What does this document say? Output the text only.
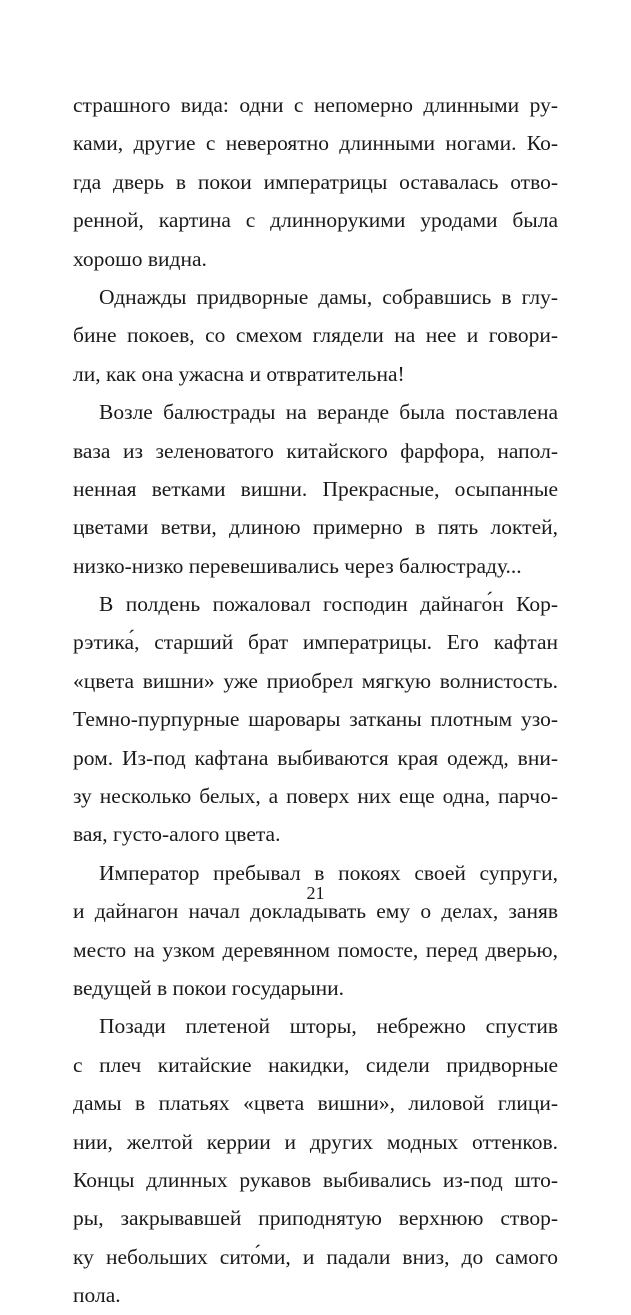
страшного вида: одни с непомерно длинными ру-
ками, другие с невероятно длинными ногами. Ко-
гда дверь в покои императрицы оставалась отво-
ренной, картина с длиннорукими уродами была
хорошо видна.
Однажды придворные дамы, собравшись в глу-
бине покоев, со смехом глядели на нее и говори-
ли, как она ужасна и отвратительна!
Возле балюстрады на веранде была поставлена
ваза из зеленоватого китайского фарфора, напол-
ненная ветками вишни. Прекрасные, осыпанные
цветами ветви, длиною примерно в пять локтей,
низко-низко перевешивались через балюстраду...
В полдень пожаловал господин дайнаго́н Кор-
рэтика́, старший брат императрицы. Его кафтан
«цвета вишни» уже приобрел мягкую волнистость.
Темно-пурпурные шаровары затканы плотным узо-
ром. Из-под кафтана выбиваются края одежд, вни-
зу несколько белых, а поверх них еще одна, парчо-
вая, густо-алого цвета.
Император пребывал в покоях своей супруги,
и дайнагон начал докладывать ему о делах, заняв
место на узком деревянном помосте, перед дверью,
ведущей в покои государыни.
Позади плетеной шторы, небрежно спустив
с плеч китайские накидки, сидели придворные
дамы в платьях «цвета вишни», лиловой глици-
нии, желтой керрии и других модных оттенков.
Концы длинных рукавов выбивались из-под што-
ры, закрывавшей приподнятую верхнюю створ-
ку небольших сито́ми, и падали вниз, до самого
пола.
21
